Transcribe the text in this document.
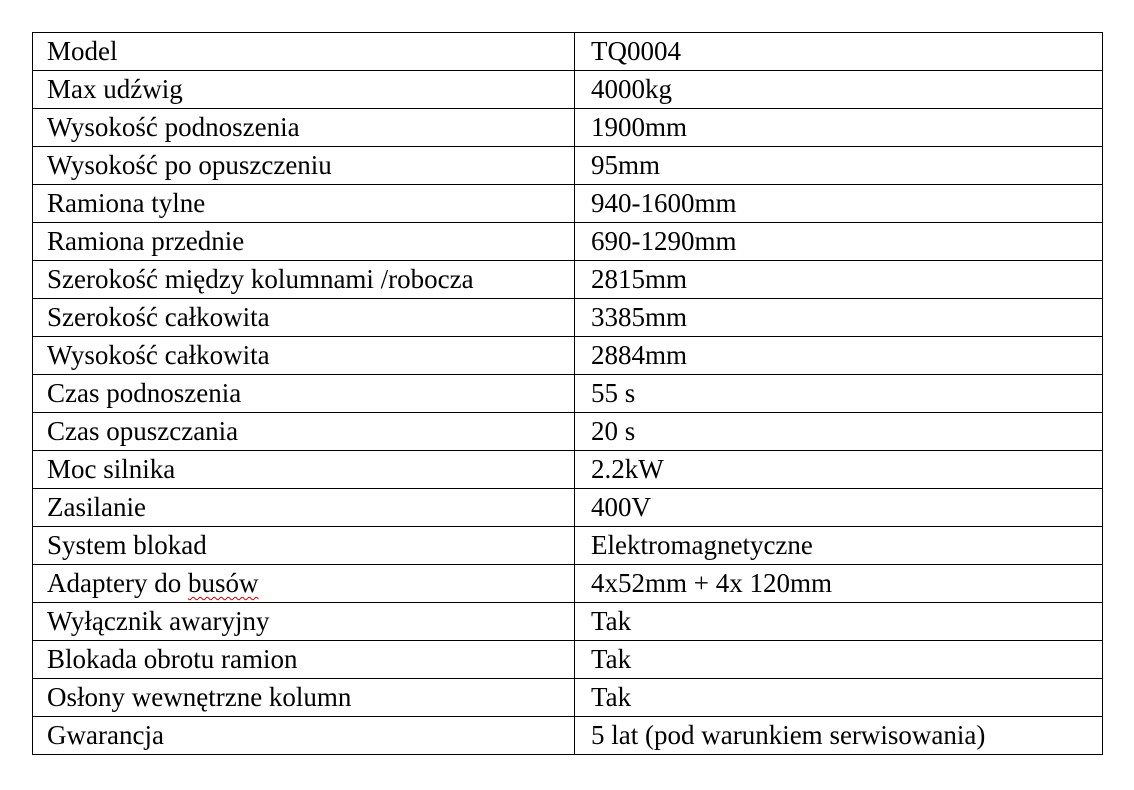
Model	TQ0004
Max udźwig	4000kg
Wysokość podnoszenia	1900mm
Wysokość po opuszczeniu	95mm
Ramiona tylne	940-1600mm
Ramiona przednie	690-1290mm
Szerokość między kolumnami /robocza	2815mm
Szerokość całkowita	3385mm
Wysokość całkowita	2884mm
Czas podnoszenia	55 s
Czas opuszczania	20 s
Moc silnika	2.2kW
Zasilanie	400V
System blokad	Elektromagnetyczne
Adaptery do busów	4x52mm + 4x 120mm
Wyłącznik awaryjny	Tak
Blokada obrotu ramion	Tak
Osłony wewnętrzne kolumn	Tak
Gwarancja	5 lat (pod warunkiem serwisowania)
